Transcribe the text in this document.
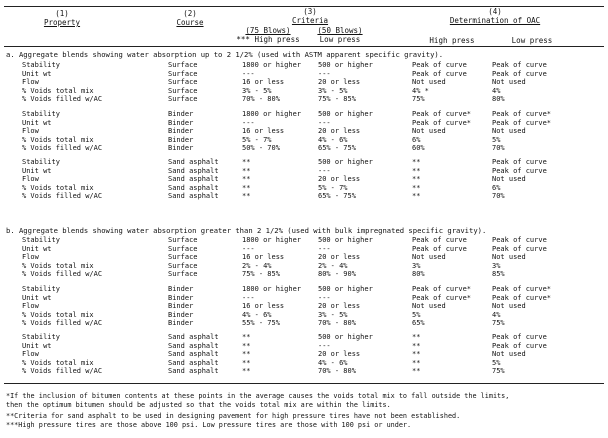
(1)
Property
(2)
Course
(3)
Criteria
(75 Blows)	(50 Blows)
*** High press	Low press
(4)
Determination of OAC
High press	Low press
a. Aggregate blends showing water absorption up to 2 1/2% (used with ASTM apparent specific gravity).
b. Aggregate blends showing water absorption greater than 2 1/2% (used with bulk impregnated specific gravity).
Stability	Surface	1800 or higher 500 or higher	Peak of curve	Peak of curve
Unit wt	Surface	---	---	Peak of curve	Peak of curve
Flow	Surface	16 or less	20 or less	Not used	Not used
% Voids total mix	Surface	3% - 5%	3% - 5%	4% *	4%
% Voids filled w/AC	Surface	70% - 80%	75% - 85%	75%	80%
Stability	Binder	1800 or higher 500 or higher	Peak of curve*	Peak of curve*
Unit wt	Binder	---	---	Peak of curve*	Peak of curve*
Flow	Binder	16 or less	20 or less	Not used	Not used
% Voids total mix	Binder	5% - 7%	4% - 6%	6%	5%
% Voids filled w/AC	Binder	50% - 70%	65% - 75%	60%	70%
Stability	Sand asphalt	**	500 or higher	**	Peak of curve
Unit wt	Sand asphalt	**	---	**	Peak of curve
Flow	Sand asphalt	**	20 or less	**	Not used
% Voids total mix	Sand asphalt	**	5% - 7%	**	6%
% Voids filled w/AC	Sand asphalt	**	65% - 75%	**	70%
Stability	Surface	1800 or higher 500 or higher	Peak of curve	Peak of curve
Unit wt	Surface	---	---	Peak of curve	Peak of curve
Flow	Surface	16 or less	20 or less	Not used	Not used
% Voids total mix	Surface	2% - 4%	2% - 4%	3%	3%
% Voids filled w/AC	Surface	75% - 85%	80% - 90%	80%	85%
Stability	Binder	1800 or higher 500 or higher	Peak of curve*	Peak of curve*
Unit wt	Binder	---	---	Peak of curve*	Peak of curve*
Flow	Binder	16 or less	20 or less	Not used	Not used
% Voids total mix	Binder	4% - 6%	3% - 5%	5%	4%
% Voids filled w/AC	Binder	55% - 75%	70% - 80%	65%	75%
Stability	Sand asphalt	**	500 or higher	**	Peak of curve
Unit wt	Sand asphalt	**	---	**	Peak of curve
Flow	Sand asphalt	**	20 or less	**	Not used
% Voids total mix	Sand asphalt	**	4% - 6%	**	5%
% Voids filled w/AC	Sand asphalt	**	70% - 80%	**	75%
*If the inclusion of bitumen contents at these points in the average causes the voids total mix to fall outside the limits,
then the optimum bitumen should be adjusted so that the voids total mix are within the limits.
**Criteria for sand asphalt to be used in designing pavement for high pressure tires have not been established.
***High pressure tires are those above 100 psi. Low pressure tires are those with 100 psi or under.
